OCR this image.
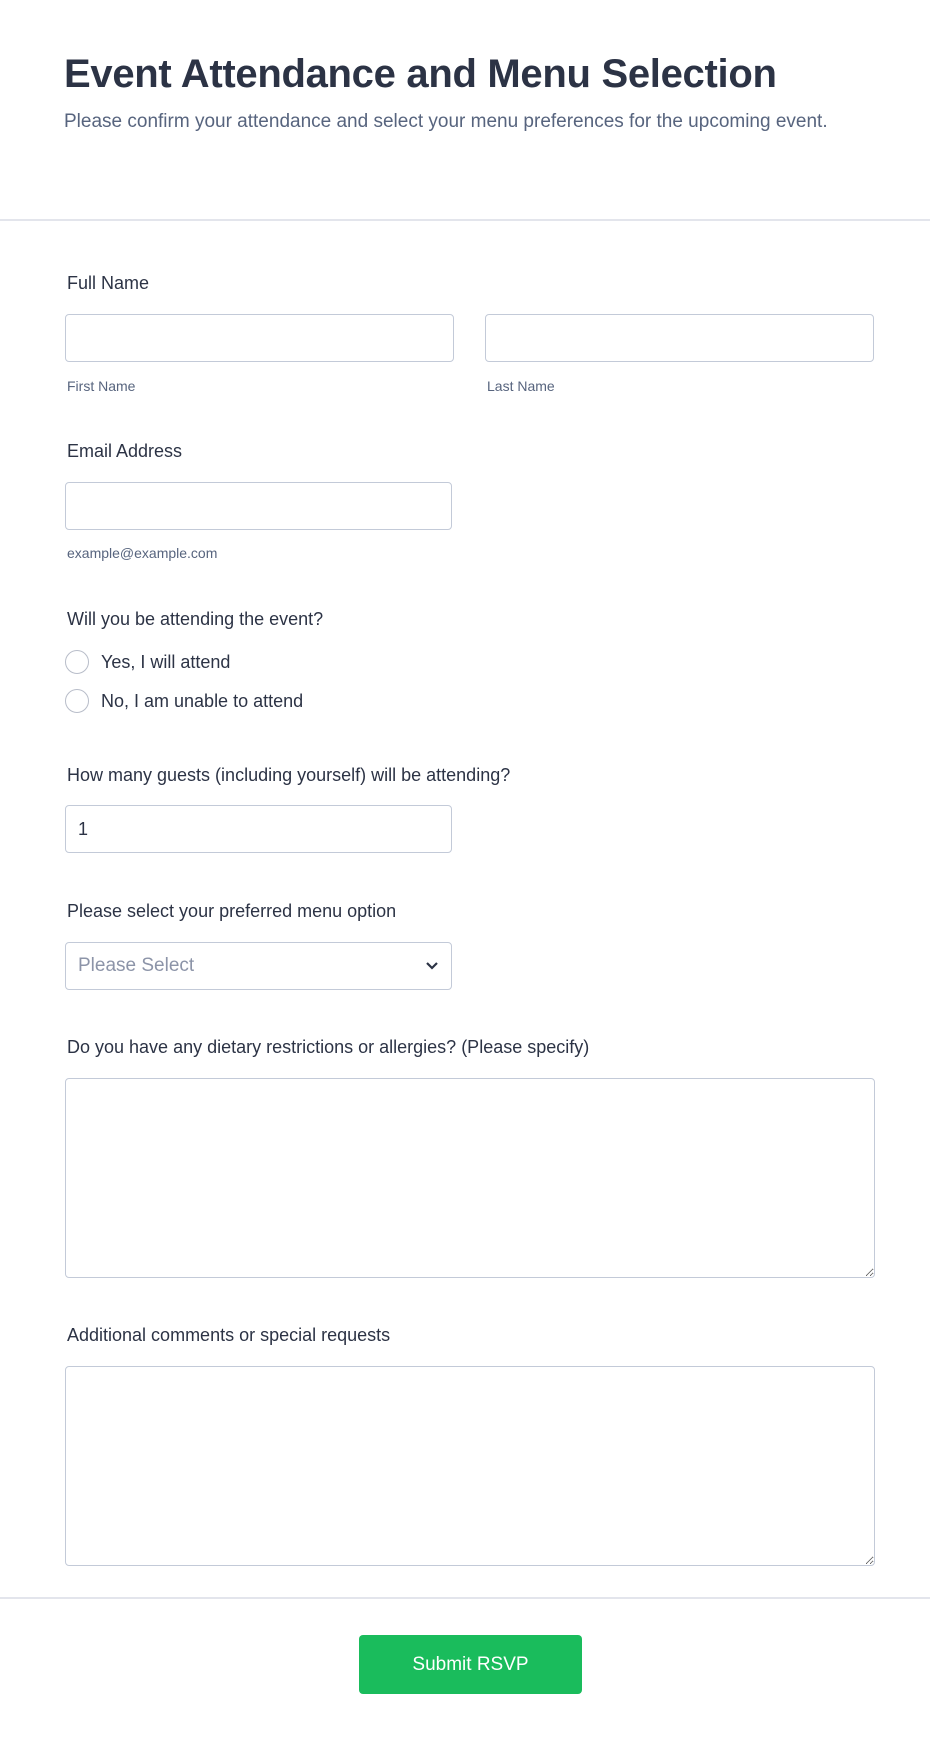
Event Attendance and Menu Selection
Please confirm your attendance and select your menu preferences for the upcoming event.
Full Name
First Name	Last Name
Email Address
example@example.com
Will you be attending the event?
Yes, I will attend
No, I am unable to attend
How many guests (including yourself) will be attending?
1
Please select your preferred menu option
Please Select
Do you have any dietary restrictions or allergies? (Please specify)
Additional comments or special requests
Submit RSVP
